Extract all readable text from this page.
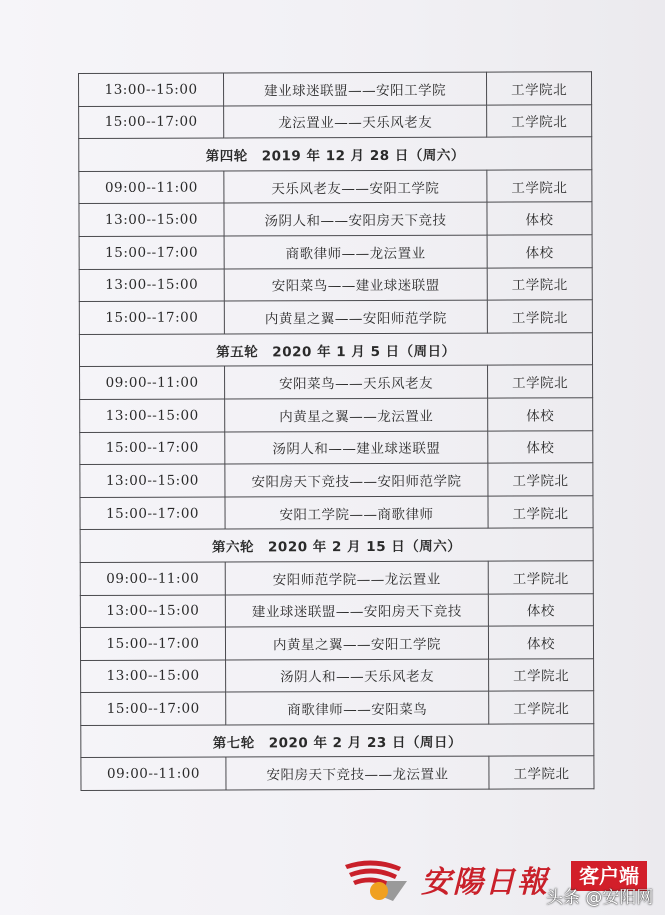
13:00--15:00	建业球迷联盟——安阳工学院	工学院北
15:00--17:00	龙沄置业——天乐风老友	工学院北
第四轮　2019 年 12 月 28 日（周六）		
09:00--11:00	天乐风老友——安阳工学院	工学院北
13:00--15:00	汤阴人和——安阳房天下竞技	体校
15:00--17:00	商歌律师——龙沄置业	体校
13:00--15:00	安阳菜鸟——建业球迷联盟	工学院北
15:00--17:00	内黄星之翼——安阳师范学院	工学院北
第五轮　2020 年 1 月 5 日（周日）		
09:00--11:00	安阳菜鸟——天乐风老友	工学院北
13:00--15:00	内黄星之翼——龙沄置业	体校
15:00--17:00	汤阴人和——建业球迷联盟	体校
13:00--15:00	安阳房天下竞技——安阳师范学院	工学院北
15:00--17:00	安阳工学院——商歌律师	工学院北
第六轮　2020 年 2 月 15 日（周六）		
09:00--11:00	安阳师范学院——龙沄置业	工学院北
13:00--15:00	建业球迷联盟——安阳房天下竞技	体校
15:00--17:00	内黄星之翼——安阳工学院	体校
13:00--15:00	汤阴人和——天乐风老友	工学院北
15:00--17:00	商歌律师——安阳菜鸟	工学院北
第七轮　2020 年 2 月 23 日（周日）		
09:00--11:00	安阳房天下竞技——龙沄置业	工学院北
安陽日報	客户端
头条 @安阳网
